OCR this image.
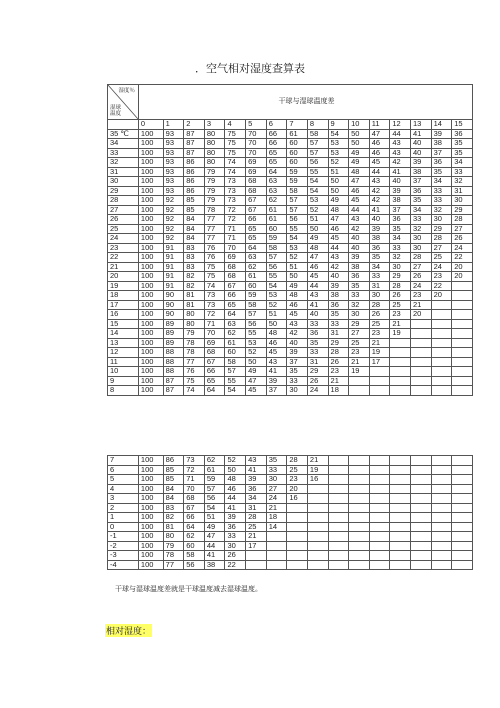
．空气相对湿度查算表
湿度％
湿球
温度	干球与湿球温度差															
	0	1	2	3	4	5	6	7	8	9	10	11	12	13	14	15
35 ℃	100	93	87	80	75	70	66	61	58	54	50	47	44	41	39	36
34	100	93	87	80	75	70	66	60	57	53	50	46	43	40	38	35
33	100	93	87	80	75	70	65	60	57	53	49	46	43	40	37	35
32	100	93	86	80	74	69	65	60	56	52	49	45	42	39	36	34
31	100	93	86	79	74	69	64	59	55	51	48	44	41	38	35	33
30	100	93	86	79	73	68	63	59	54	50	47	43	40	37	34	32
29	100	93	86	79	73	68	63	58	54	50	46	42	39	36	33	31
28	100	92	85	79	73	67	62	57	53	49	45	42	38	35	33	30
27	100	92	85	78	72	67	61	57	52	48	44	41	37	34	32	29
26	100	92	84	77	72	66	61	56	51	47	43	40	36	33	30	28
25	100	92	84	77	71	65	60	55	50	46	42	39	35	32	29	27
24	100	92	84	77	71	65	59	54	49	45	40	38	34	30	28	26
23	100	91	83	76	70	64	58	53	48	44	40	36	33	30	27	24
22	100	91	83	76	69	63	57	52	47	43	39	35	32	28	25	22
21	100	91	83	75	68	62	56	51	46	42	38	34	30	27	24	20
20	100	91	82	75	68	61	55	50	45	40	36	33	29	26	23	20
19	100	91	82	74	67	60	54	49	44	39	35	31	28	24	22	
18	100	90	81	73	66	59	53	48	43	38	33	30	26	23	20	
17	100	90	81	73	65	58	52	46	41	36	32	28	25	21		
16	100	90	80	72	64	57	51	45	40	35	30	26	23	20		
15	100	89	80	71	63	56	50	43	33	33	29	25	21			
14	100	89	79	70	62	55	48	42	36	31	27	23	19			
13	100	89	78	69	61	53	46	40	35	29	25	21				
12	100	88	78	68	60	52	45	39	33	28	23	19				
11	100	88	77	67	58	50	43	37	31	26	21	17				
10	100	88	76	66	57	49	41	35	29	23	19					
9	100	87	75	65	55	47	39	33	26	21						
8	100	87	74	64	54	45	37	30	24	18						
7	100	86	73	62	52	43	35	28	21							
6	100	85	72	61	50	41	33	25	19							
5	100	85	71	59	48	39	30	23	16							
4	100	84	70	57	46	36	27	20								
3	100	84	68	56	44	34	24	16								
2	100	83	67	54	41	31	21									
1	100	82	66	51	39	28	18									
0	100	81	64	49	36	25	14									
-1	100	80	62	47	33	21										
-2	100	79	60	44	30	17										
-3	100	78	58	41	26											
-4	100	77	56	38	22											
干球与湿球温度差就是干球温度减去湿球温度。
相对湿度：
